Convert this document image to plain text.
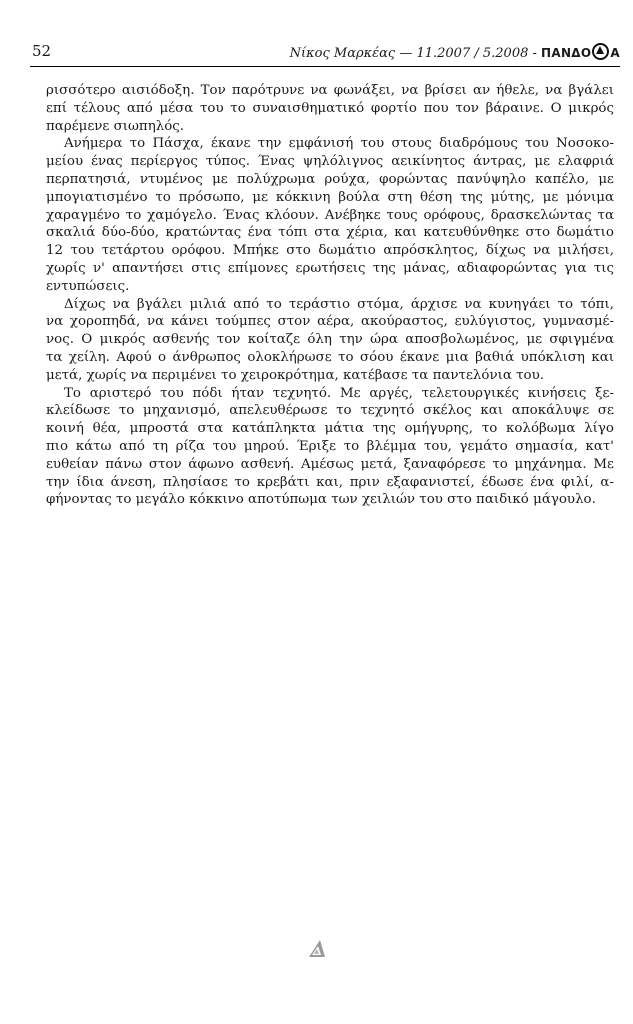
52	Νίκος Μαρκέας — 11.2007 / 5.2008 - ΠΑΝΔΟ Α
ρισσότερο αισιόδοξη. Τον παρότρυνε να φωνάξει, να βρίσει αν ήθελε, να βγάλει
επί τέλους από μέσα του το συναισθηματικό φορτίο που τον βάραινε. Ο μικρός
παρέμενε σιωπηλός.
Ανήμερα το Πάσχα, έκανε την εμφάνισή του στους διαδρόμους του Νοσοκο-
μείου ένας περίεργος τύπος. Ένας ψηλόλιγνος αεικίνητος άντρας, με ελαφριά
περπατησιά, ντυμένος με πολύχρωμα ρούχα, φορώντας πανύψηλο καπέλο, με
μπογιατισμένο το πρόσωπο, με κόκκινη βούλα στη θέση της μύτης, με μόνιμα
χαραγμένο το χαμόγελο. Ένας κλόουν. Ανέβηκε τους ορόφους, δρασκελώντας τα
σκαλιά δύο-δύο, κρατώντας ένα τόπι στα χέρια, και κατευθύνθηκε στο δωμάτιο
12 του τετάρτου ορόφου. Μπήκε στο δωμάτιο απρόσκλητος, δίχως να μιλήσει,
χωρίς ν' απαντήσει στις επίμονες ερωτήσεις της μάνας, αδιαφορώντας για τις
εντυπώσεις.
Δίχως να βγάλει μιλιά από το τεράστιο στόμα, άρχισε να κυνηγάει το τόπι,
να χοροπηδά, να κάνει τούμπες στον αέρα, ακούραστος, ευλύγιστος, γυμνασμέ-
νος. Ο μικρός ασθενής τον κοίταζε όλη την ώρα αποσβολωμένος, με σφιγμένα
τα χείλη. Αφού ο άνθρωπος ολοκλήρωσε το σόου έκανε μια βαθιά υπόκλιση και
μετά, χωρίς να περιμένει το χειροκρότημα, κατέβασε τα παντελόνια του.
Το αριστερό του πόδι ήταν τεχνητό. Με αργές, τελετουργικές κινήσεις ξε-
κλείδωσε το μηχανισμό, απελευθέρωσε το τεχνητό σκέλος και αποκάλυψε σε
κοινή θέα, μπροστά στα κατάπληκτα μάτια της ομήγυρης, το κολόβωμα λίγο
πιο κάτω από τη ρίζα του μηρού. Έριξε το βλέμμα του, γεμάτο σημασία, κατ'
ευθείαν πάνω στον άφωνο ασθενή. Αμέσως μετά, ξαναφόρεσε το μηχάνημα. Με
την ίδια άνεση, πλησίασε το κρεβάτι και, πριν εξαφανιστεί, έδωσε ένα φιλί, α-
φήνοντας το μεγάλο κόκκινο αποτύπωμα των χειλιών του στο παιδικό μάγουλο.
